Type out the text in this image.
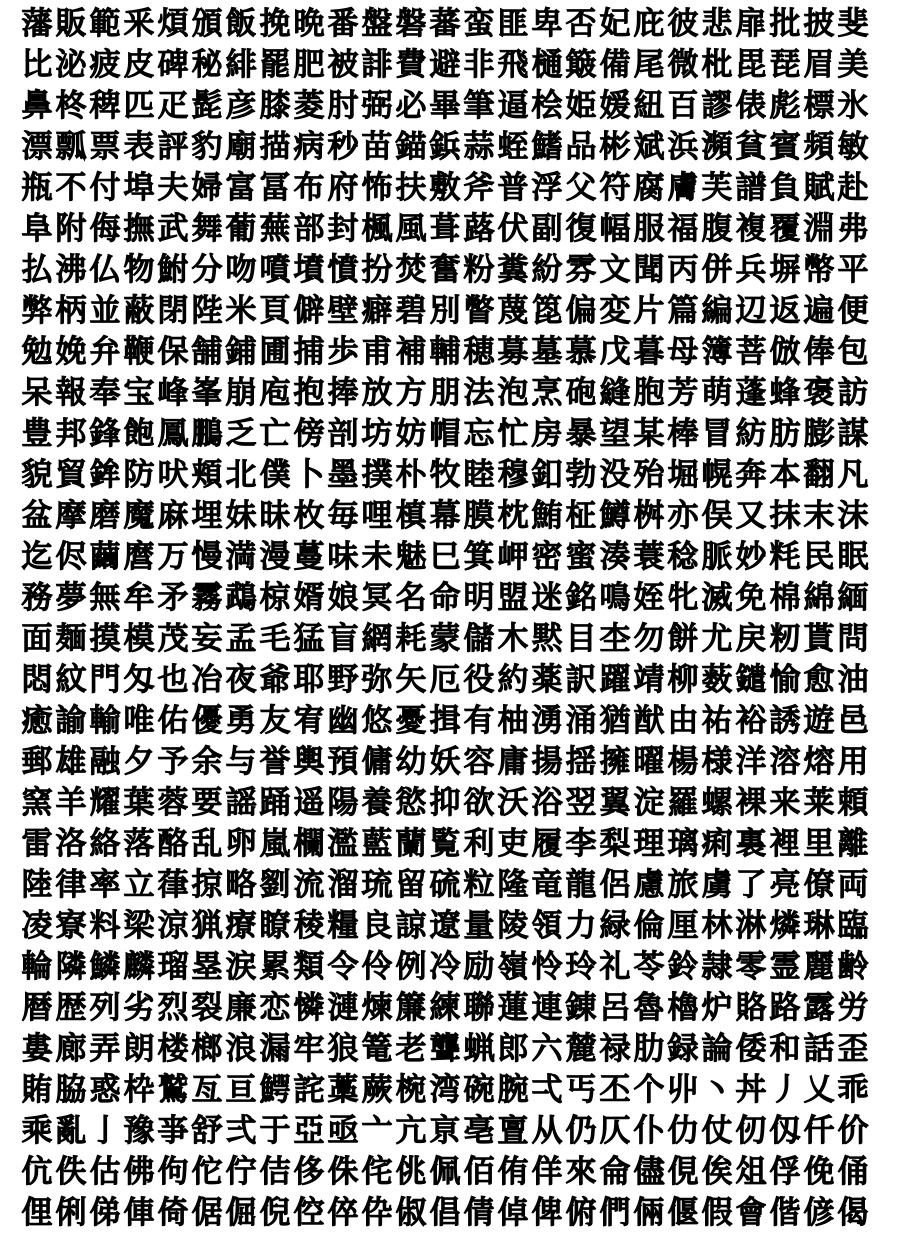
藩 販 範 釆 煩 頒 飯 挽 晩 番 盤 磐 蕃 蛮 匪 卑 否 妃 庇 彼 悲 扉 批 披 斐
比 泌 疲 皮 碑 秘 緋 罷 肥 被 誹 費 避 非 飛 樋 簸 備 尾 微 枇 毘 琵 眉 美
鼻 柊 稗 匹 疋 髭 彦 膝 菱 肘 弼 必 畢 筆 逼 桧 姫 媛 紐 百 謬 俵 彪 標 氷
漂 瓢 票 表 評 豹 廟 描 病 秒 苗 錨 鋲 蒜 蛭 鰭 品 彬 斌 浜 瀕 貧 賓 頻 敏
瓶 不 付 埠 夫 婦 富 冨 布 府 怖 扶 敷 斧 普 浮 父 符 腐 膚 芙 譜 負 賦 赴
阜 附 侮 撫 武 舞 葡 蕪 部 封 楓 風 葺 蕗 伏 副 復 幅 服 福 腹 複 覆 淵 弗
払 沸 仏 物 鮒 分 吻 噴 墳 憤 扮 焚 奮 粉 糞 紛 雰 文 聞 丙 併 兵 塀 幣 平
弊 柄 並 蔽 閉 陛 米 頁 僻 壁 癖 碧 別 瞥 蔑 箆 偏 変 片 篇 編 辺 返 遍 便
勉 娩 弁 鞭 保 舗 鋪 圃 捕 歩 甫 補 輔 穂 募 墓 慕 戊 暮 母 簿 菩 倣 俸 包
呆 報 奉 宝 峰 峯 崩 庖 抱 捧 放 方 朋 法 泡 烹 砲 縫 胞 芳 萌 蓬 蜂 褒 訪
豊 邦 鋒 飽 鳳 鵬 乏 亡 傍 剖 坊 妨 帽 忘 忙 房 暴 望 某 棒 冒 紡 肪 膨 謀
貌 貿 鉾 防 吠 頬 北 僕 卜 墨 撲 朴 牧 睦 穆 釦 勃 没 殆 堀 幌 奔 本 翻 凡
盆 摩 磨 魔 麻 埋 妹 昧 枚 毎 哩 槙 幕 膜 枕 鮪 柾 鱒 桝 亦 俣 又 抹 末 沫
迄 侭 繭 麿 万 慢 満 漫 蔓 味 未 魅 巳 箕 岬 密 蜜 湊 蓑 稔 脈 妙 粍 民 眠
務 夢 無 牟 矛 霧 鵡 椋 婿 娘 冥 名 命 明 盟 迷 銘 鳴 姪 牝 滅 免 棉 綿 緬
面 麺 摸 模 茂 妄 孟 毛 猛 盲 網 耗 蒙 儲 木 黙 目 杢 勿 餅 尤 戻 籾 貰 問
悶 紋 門 匁 也 冶 夜 爺 耶 野 弥 矢 厄 役 約 薬 訳 躍 靖 柳 薮 鑓 愉 愈 油
癒 諭 輸 唯 佑 優 勇 友 宥 幽 悠 憂 揖 有 柚 湧 涌 猶 猷 由 祐 裕 誘 遊 邑
郵 雄 融 夕 予 余 与 誉 輿 預 傭 幼 妖 容 庸 揚 揺 擁 曜 楊 様 洋 溶 熔 用
窯 羊 耀 葉 蓉 要 謡 踊 遥 陽 養 慾 抑 欲 沃 浴 翌 翼 淀 羅 螺 裸 来 莱 頼
雷 洛 絡 落 酪 乱 卵 嵐 欄 濫 藍 蘭 覧 利 吏 履 李 梨 理 璃 痢 裏 裡 里 離
陸 律 率 立 葎 掠 略 劉 流 溜 琉 留 硫 粒 隆 竜 龍 侶 慮 旅 虜 了 亮 僚 両
凌 寮 料 梁 涼 猟 療 瞭 稜 糧 良 諒 遼 量 陵 領 力 緑 倫 厘 林 淋 燐 琳 臨
輪 隣 鱗 麟 瑠 塁 涙 累 類 令 伶 例 冷 励 嶺 怜 玲 礼 苓 鈴 隷 零 霊 麗 齢
暦 歴 列 劣 烈 裂 廉 恋 憐 漣 煉 簾 練 聯 蓮 連 錬 呂 魯 櫓 炉 賂 路 露 労
婁 廊 弄 朗 楼 榔 浪 漏 牢 狼 篭 老 聾 蝋 郎 六 麓 禄 肋 録 論 倭 和 話 歪
賄 脇 惑 枠 鷲 亙 亘 鰐 詫 藁 蕨 椀 湾 碗 腕 弌 丐 丕 个 丱 丶 丼 丿 乂 乖
乘 亂 亅 豫 亊 舒 弍 于 亞 亟 亠 亢 亰 亳 亶 从 仍 仄 仆 仂 仗 仞 仭 仟 价
伉 佚 估 佛 佝 佗 佇 佶 侈 侏 侘 佻 佩 佰 侑 佯 來 侖 儘 俔 俟 俎 俘 俛 俑
俚 俐 俤 俥 倚 倨 倔 倪 倥 倅 伜 俶 倡 倩 倬 俾 俯 們 倆 偃 假 會 偕 偐 偈
